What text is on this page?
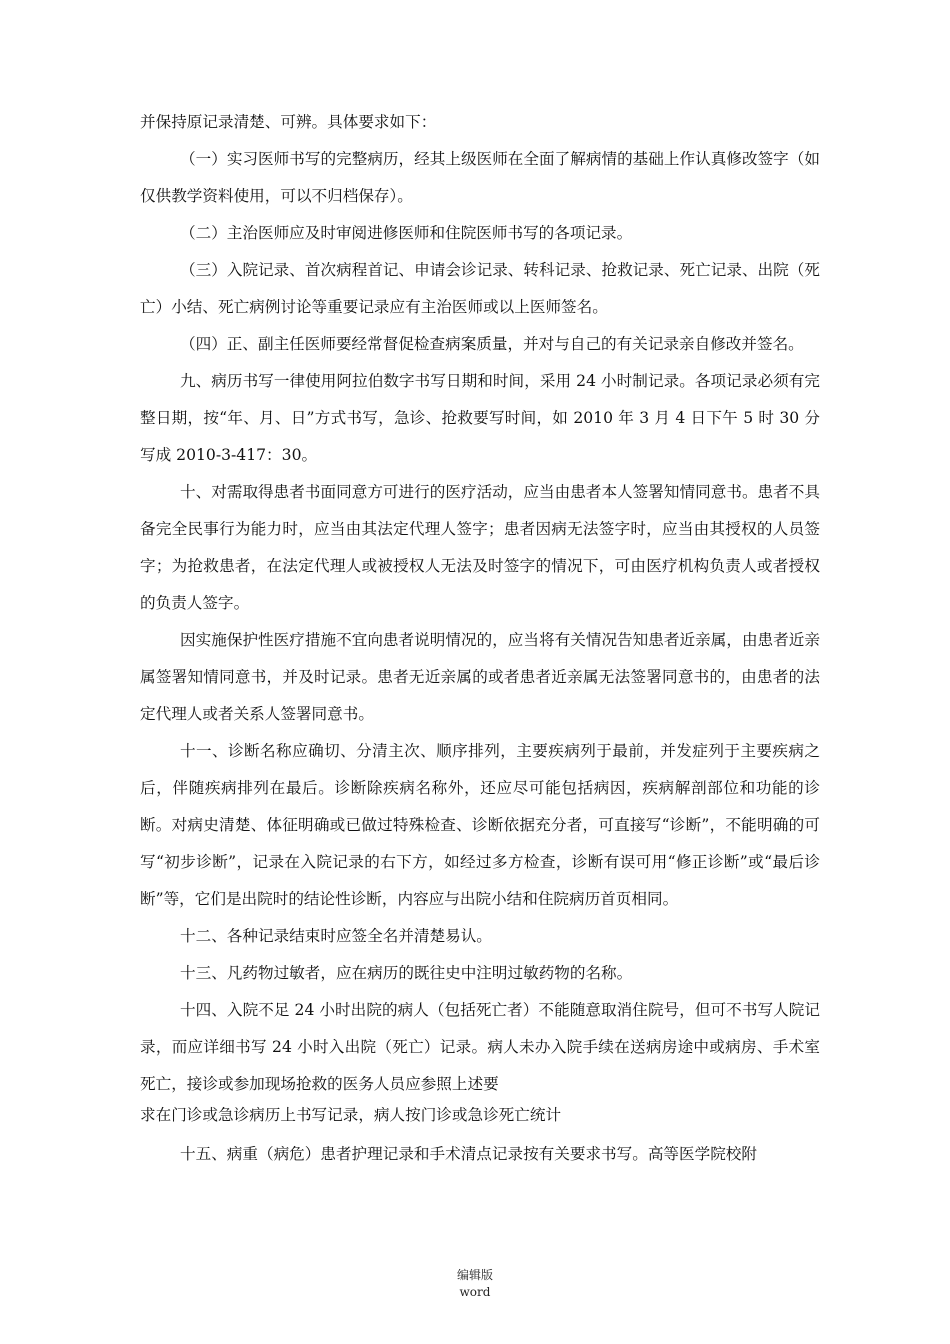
并保持原记录清楚、可辨。具体要求如下：

（一）实习医师书写的完整病历，经其上级医师在全面了解病情的基础上作认真修改签字（如仅供教学资料使用，可以不归档保存）。

（二）主治医师应及时审阅进修医师和住院医师书写的各项记录。

（三）入院记录、首次病程首记、申请会诊记录、转科记录、抢救记录、死亡记录、出院（死亡）小结、死亡病例讨论等重要记录应有主治医师或以上医师签名。

（四）正、副主任医师要经常督促检查病案质量，并对与自己的有关记录亲自修改并签名。

九、病历书写一律使用阿拉伯数字书写日期和时间，采用 24 小时制记录。各项记录必须有完整日期，按“年、月、日”方式书写，急诊、抢救要写时间，如 2010 年 3 月 4 日下午 5 时 30 分写成 2010-3-417：30。

十、对需取得患者书面同意方可进行的医疗活动，应当由患者本人签署知情同意书。患者不具备完全民事行为能力时，应当由其法定代理人签字；患者因病无法签字时，应当由其授权的人员签字；为抢救患者，在法定代理人或被授权人无法及时签字的情况下，可由医疗机构负责人或者授权的负责人签字。

因实施保护性医疗措施不宜向患者说明情况的，应当将有关情况告知患者近亲属，由患者近亲属签署知情同意书，并及时记录。患者无近亲属的或者患者近亲属无法签署同意书的，由患者的法定代理人或者关系人签署同意书。

十一、诊断名称应确切、分清主次、顺序排列，主要疾病列于最前，并发症列于主要疾病之后，伴随疾病排列在最后。诊断除疾病名称外，还应尽可能包括病因，疾病解剖部位和功能的诊断。对病史清楚、体征明确或已做过特殊检查、诊断依据充分者，可直接写“诊断”，不能明确的可写“初步诊断”，记录在入院记录的右下方，如经过多方检查，诊断有误可用“修正诊断”或“最后诊断”等，它们是出院时的结论性诊断，内容应与出院小结和住院病历首页相同。

十二、各种记录结束时应签全名并清楚易认。

十三、凡药物过敏者，应在病历的既往史中注明过敏药物的名称。

十四、入院不足 24 小时出院的病人（包括死亡者）不能随意取消住院号，但可不书写人院记录，而应详细书写 24 小时入出院（死亡）记录。病人未办入院手续在送病房途中或病房、手术室死亡，接诊或参加现场抢救的医务人员应参照上述要

求在门诊或急诊病历上书写记录，病人按门诊或急诊死亡统计

十五、病重（病危）患者护理记录和手术清点记录按有关要求书写。高等医学院校附

编辑版
word
